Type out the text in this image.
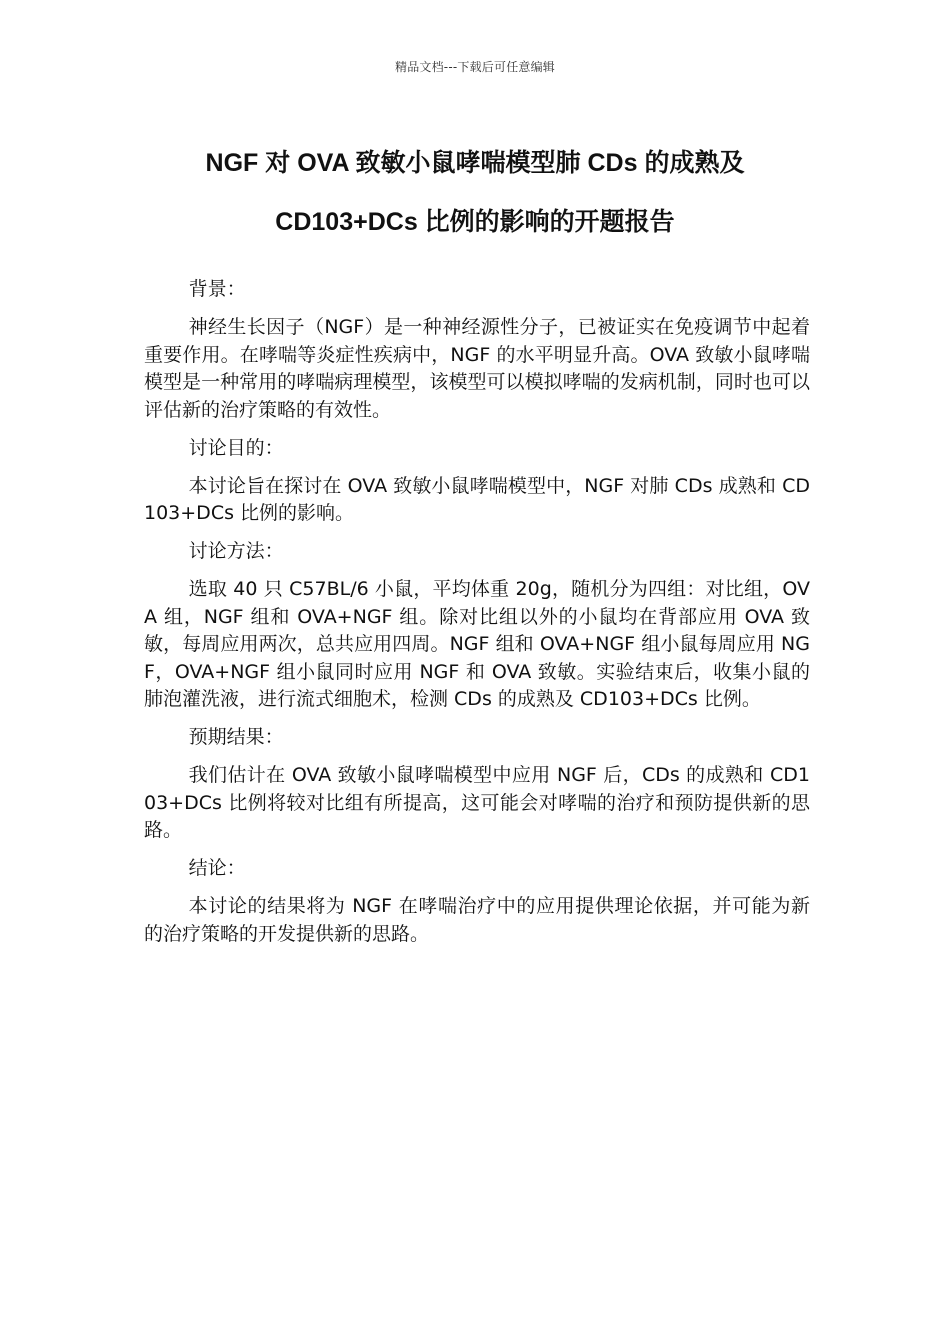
精品文档---下载后可任意编辑
NGF 对 OVA 致敏小鼠哮喘模型肺 CDs 的成熟及
CD103+DCs 比例的影响的开题报告

背景：

神经生长因子（NGF）是一种神经源性分子，已被证实在免疫调节中起着重要作用。在哮喘等炎症性疾病中，NGF 的水平明显升高。OVA 致敏小鼠哮喘模型是一种常用的哮喘病理模型，该模型可以模拟哮喘的发病机制，同时也可以评估新的治疗策略的有效性。

讨论目的：

本讨论旨在探讨在 OVA 致敏小鼠哮喘模型中，NGF 对肺 CDs 成熟和 CD103+DCs 比例的影响。

讨论方法：

选取 40 只 C57BL/6 小鼠，平均体重 20g，随机分为四组：对比组，OVA 组，NGF 组和 OVA+NGF 组。除对比组以外的小鼠均在背部应用 OVA 致敏，每周应用两次，总共应用四周。NGF 组和 OVA+NGF 组小鼠每周应用 NGF，OVA+NGF 组小鼠同时应用 NGF 和 OVA 致敏。实验结束后，收集小鼠的肺泡灌洗液，进行流式细胞术，检测 CDs 的成熟及 CD103+DCs 比例。

预期结果：

我们估计在 OVA 致敏小鼠哮喘模型中应用 NGF 后，CDs 的成熟和 CD103+DCs 比例将较对比组有所提高，这可能会对哮喘的治疗和预防提供新的思路。

结论：

本讨论的结果将为 NGF 在哮喘治疗中的应用提供理论依据，并可能为新的治疗策略的开发提供新的思路。
